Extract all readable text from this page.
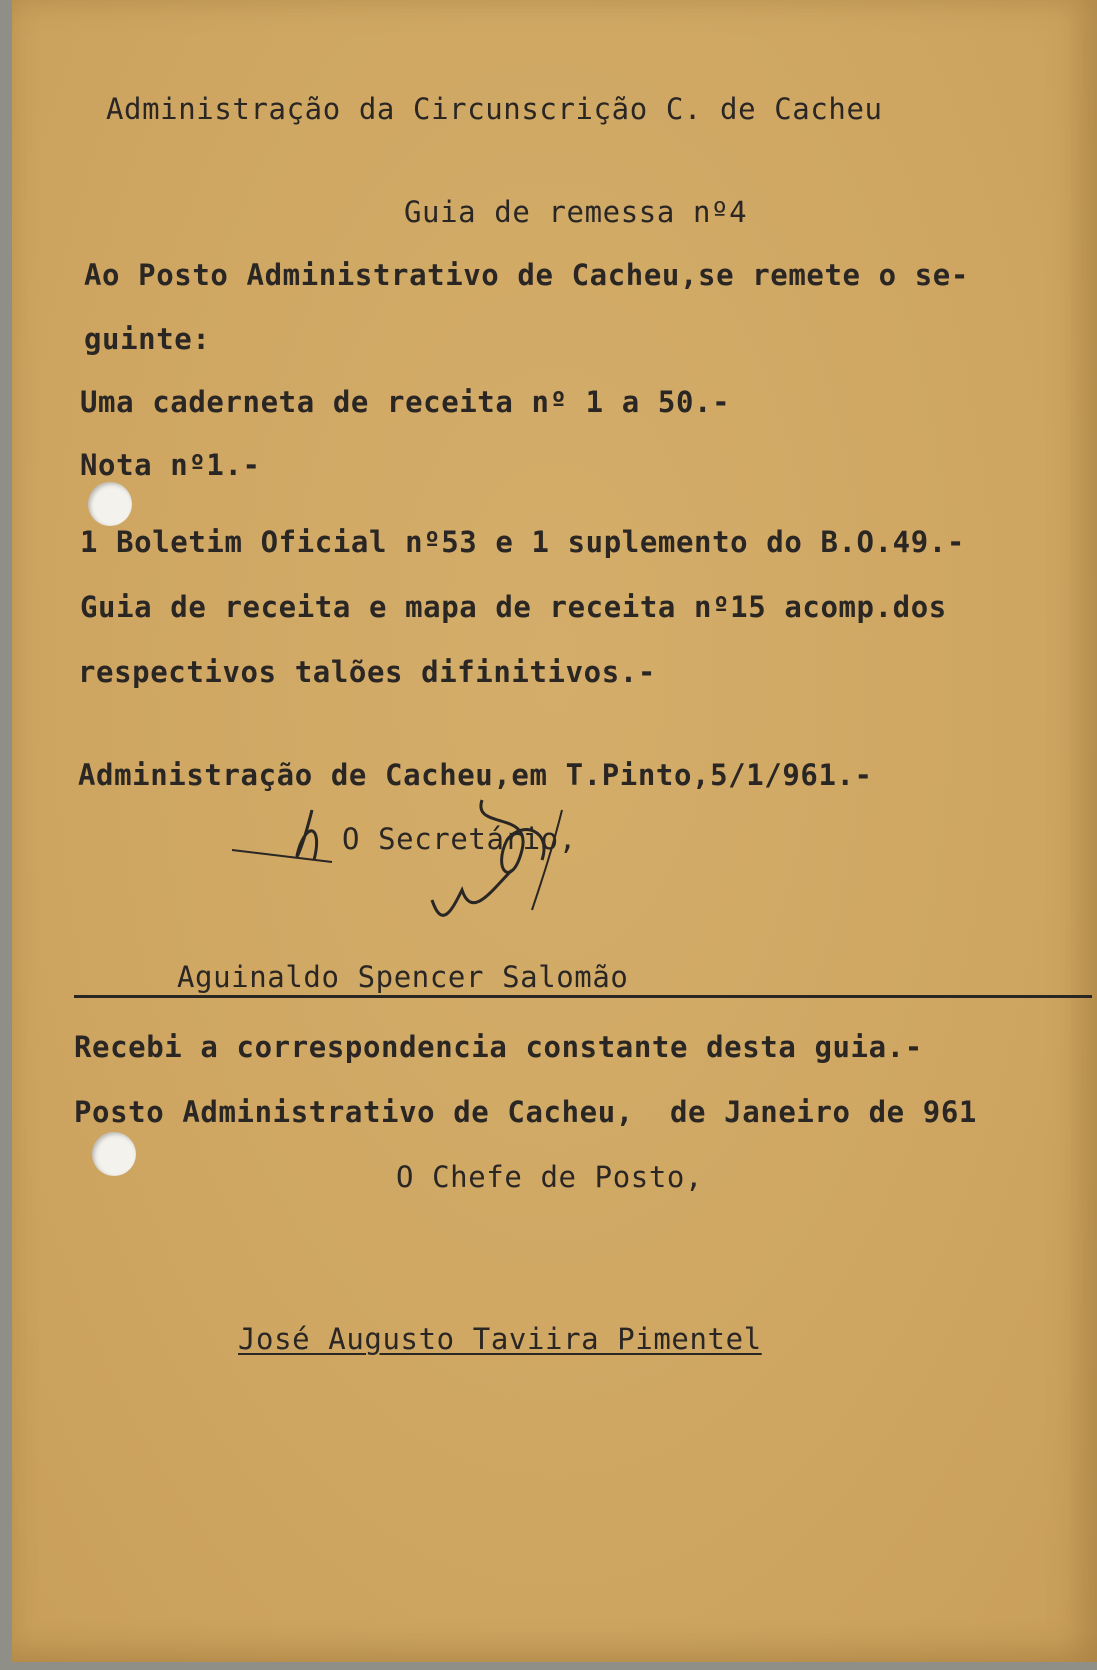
Administração da Circunscrição C. de Cacheu
Guia de remessa nº4
Ao Posto Administrativo de Cacheu,se remete o se-
guinte:
Uma caderneta de receita nº 1 a 50.-
Nota nº1.-
1 Boletim Oficial nº53 e 1 suplemento do B.O.49.-
Guia de receita e mapa de receita nº15 acomp.dos
respectivos talões difinitivos.-
Administração de Cacheu,em T.Pinto,5/1/961.-
O Secretário,
Aguinaldo Spencer Salomão
Recebi a correspondencia constante desta guia.-
Posto Administrativo de Cacheu,  de Janeiro de 961
O Chefe de Posto,
José Augusto Taviira Pimentel
